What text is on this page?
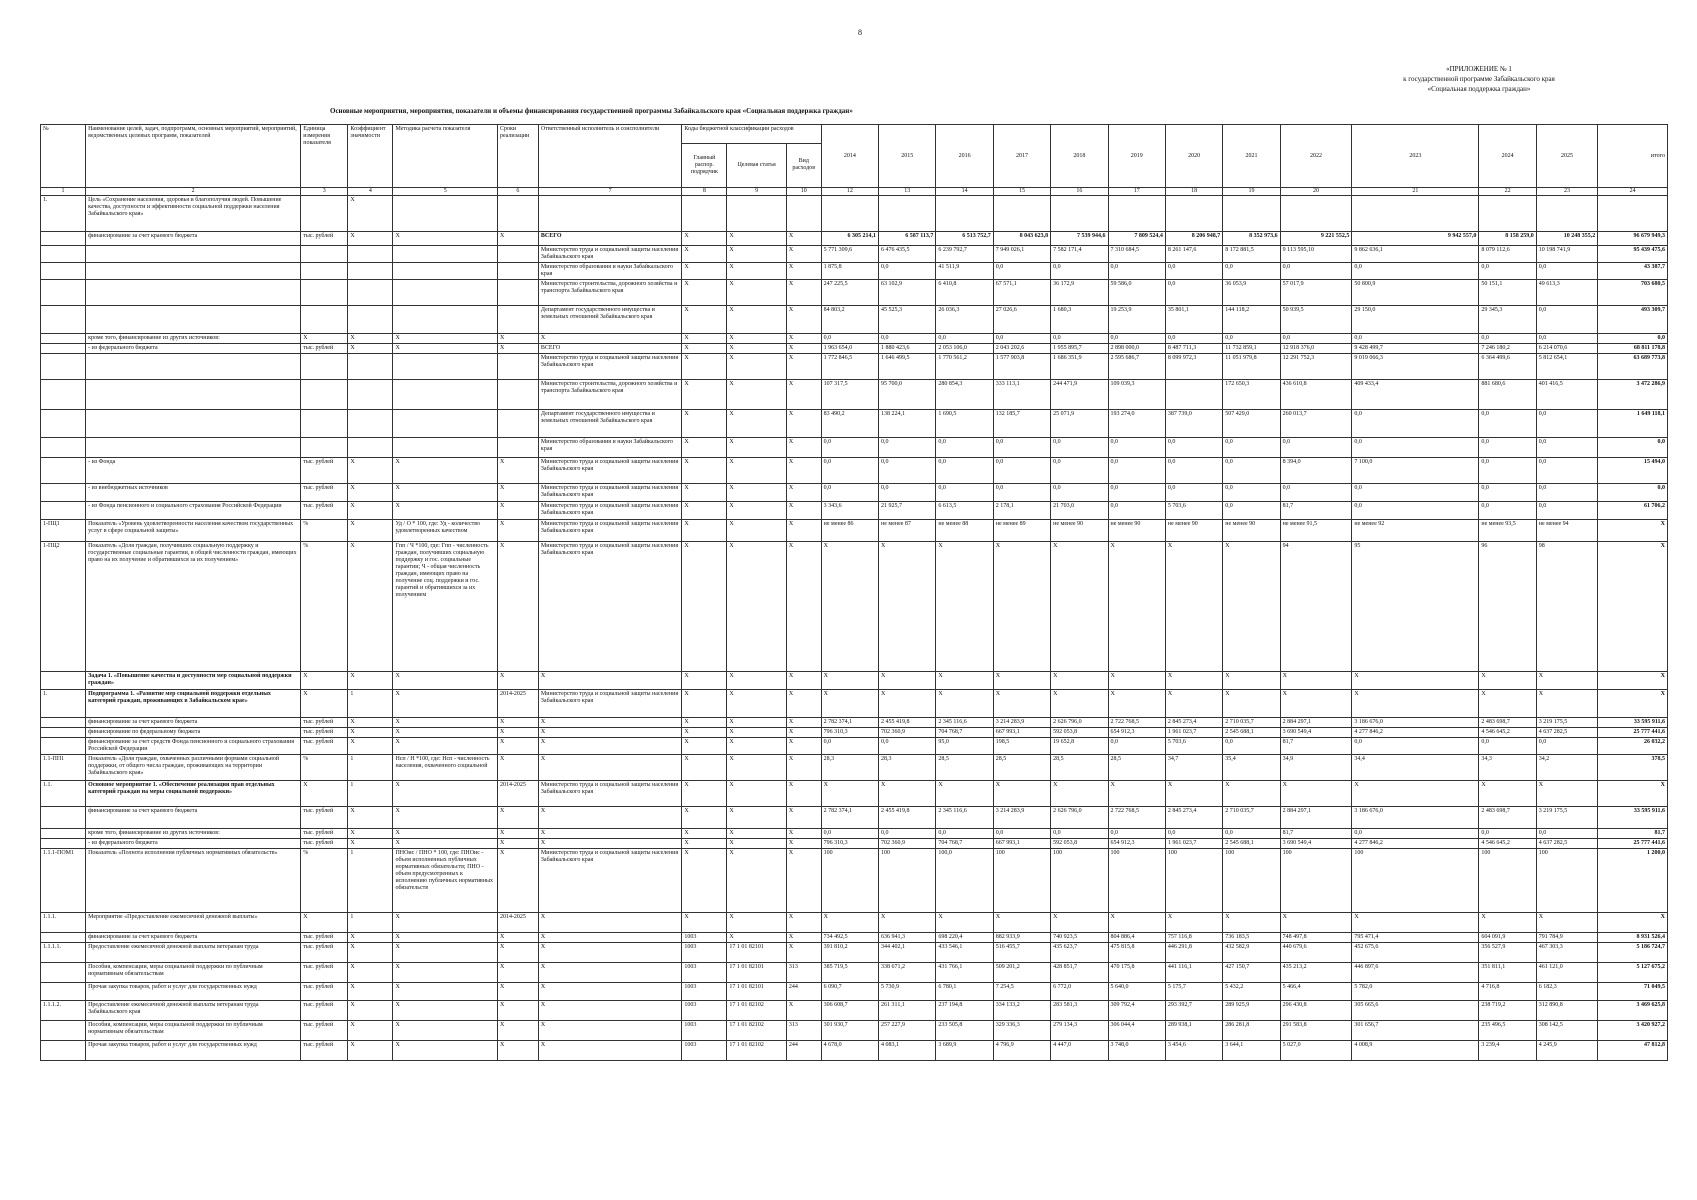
8
«ПРИЛОЖЕНИЕ № 1
к государственной программе Забайкальского края
«Социальная поддержка граждан»
Основные мероприятия, мероприятия, показатели и объемы финансирования государственной программы Забайкальского края «Социальная поддержка граждан»
№	Наименование целей, задач, подпрограмм, основных мероприятий, мероприятий, ведомственных целевых программ, показателей	Единица измерения показателя	Коэффициент значимости	Методика расчета показателя	Сроки реализации	Ответственный исполнитель и соисполнители	Коды бюджетной классификации расходов			2014	2015	2016	2017	2018	2019	2020	2021	2022	2023	2024	2025	итого
							Главный распор. подрядчик	Целевая статья	Вид расходов													
1	2	3	4	5	6	7	8	9	10	12	13	14	15	16	17	18	19	20	21	22	23	24
1.	Цель «Сохранение населения, здоровья и благополучия людей. Повышение качества, доступности и эффективности социальной поддержки населения Забайкальского края»		X																			
	финансирование за счет краевого бюджета	тыс. рублей	X	X	X	ВСЕГО	X	X	X	6 305 214,1	6 587 113,7	6 513 752,7	8 043 623,8	7 539 944,6	7 809 524,4	8 206 948,7	8 352 973,6	9 221 552,5	9 942 557,0	8 158 259,0	10 248 355,2	96 679 949,3
						Министерство труда и социальной защиты населения Забайкальского края	X	X	X	5 771 309,6	6 476 435,5	6 239 792,7	7 949 026,1	7 582 171,4	7 310 684,5	8 261 147,6	8 172 881,5	9 113 595,10	9 862 636,1	8 079 112,6	10 198 741,9	95 439 475,6
						Министерство образования и науки Забайкальского края	X	X	X	1 875,8	0,0	41 511,9	0,0	0,0	0,0	0,0	0,0	0,0	0,0	0,0	0,0	43 387,7
						Министерство строительства, дорожного хозяйства и транспорта Забайкальского края	X	X	X	247 225,5	63 102,9	6 410,8	67 571,1	36 172,9	59 586,0	0,0	36 053,9	57 017,9	50 800,9	50 151,1	49 613,3	703 680,5
						Департамент государственного имущества и земельных отношений Забайкальского края	X	X	X	84 803,2	45 525,3	26 036,3	27 026,6	1 680,3	19 253,9	35 801,1	144 118,2	50 939,5	29 150,0	29 345,3	0,0	493 309,7
	кроме того, финансирование из других источников:	X	X	X	X	X	X	X	X	0,0	0,0	0,0	0,0	0,0	0,0	0,0	0,0	0,0	0,0	0,0	0,0	0,0
	- из федерального бюджета	тыс. рублей	X	X	X	ВСЕГО	X	X	X	1 963 654,0	1 880 423,6	2 053 106,0	2 043 202,6	1 955 895,7	2 898 000,0	8 487 711,3	11 732 859,1	12 918 376,0	9 428 499,7	7 246 180,2	6 214 070,6	68 811 178,8
						Министерство труда и социальной защиты населения Забайкальского края	X	X	X	1 772 846,5	1 646 499,5	1 770 561,2	1 577 903,8	1 686 351,9	2 595 686,7	8 099 972,3	11 051 979,8	12 291 752,3	9 019 066,3	6 364 499,6	5 812 654,1	63 689 773,8
						Министерство строительства, дорожного хозяйства и транспорта Забайкальского края	X	X	X	107 317,5	95 700,0	280 854,3	333 113,1	244 471,9	109 039,3		172 650,3	436 610,8	409 433,4	881 680,6	401 416,5	3 472 286,9
						Департамент государственного имущества и земельных отношений Забайкальского края	X	X	X	83 490,2	138 224,1	1 690,5	132 185,7	25 071,9	193 274,0	387 739,0	507 429,0	260 013,7	0,0	0,0	0,0	1 649 118,1
						Министерство образования и науки Забайкальского края	X	X	X	0,0	0,0	0,0	0,0	0,0	0,0	0,0	0,0	0,0	0,0	0,0	0,0	0,0
	- из Фонда	тыс. рублей	X	X	X	Министерство труда и социальной защиты населения Забайкальского края	X	X	X	0,0	0,0	0,0	0,0	0,0	0,0	0,0	0,0	8 394,0	7 100,0	0,0	0,0	15 494,0
	- из внебюджетных источников	тыс. рублей	X	X	X	Министерство труда и социальной защиты населения Забайкальского края	X	X	X	0,0	0,0	0,0	0,0	0,0	0,0	0,0	0,0	0,0	0,0	0,0	0,0	0,0
	- из Фонда пенсионного и социального страхования Российской Федерации	тыс. рублей	X	X	X	Министерство труда и социальной защиты населения Забайкальского края	X	X	X	3 343,6	21 925,7	6 613,5	2 178,1	21 703,0	0,0	5 703,6	0,0	81,7	0,0	0,0	0,0	61 706,2
1-ПЦ1	Показатель «Уровень удовлетворенности населения качеством государственных услуг в сфере социальной защиты»	%	X	Уд / О * 100, где: Уд - количество удовлетворенных качеством	X	Министерство труда и социальной защиты населения Забайкальского края	X	X	X	не менее 86	не менее 87	не менее 88	не менее 89	не менее 90	не менее 90	не менее 90	не менее 90	не менее 91,5	не менее 92	не менее 93,5	не менее 94	X
1-ПЦ2	Показатель «Доля граждан, получивших социальную поддержку и государственные социальные гарантии, в общей численности граждан, имеющих право на их получение и обратившихся за их получением»	%	X	Гпп / Ч *100, где: Гпп - численность граждан, получивших социальную поддержку и гос. социальные гарантии; Ч - общая численность граждан, имеющих право на получение соц. поддержки и гос. гарантий и обратившихся за их получением	X	Министерство труда и социальной защиты населения Забайкальского края	X	X	X	X	X	X	X	X	X	X	X	94	95	96	98	X
	Задача 1. «Повышение качества и доступности мер социальной поддержки граждан»	X	X	X	X	X	X	X	X	X	X	X	X	X	X	X	X	X	X	X	X	X
1.	Подпрограмма 1. «Развитие мер социальной поддержки отдельных категорий граждан, проживающих в Забайкальском крае»	X	1	X	2014-2025	Министерство труда и социальной защиты населения Забайкальского края	X	X	X	X	X	X	X	X	X	X	X	X	X	X	X	X
	финансирование за счет краевого бюджета	тыс. рублей	X	X	X	X	X	X	X	2 782 374,1	2 455 419,8	2 345 116,6	3 214 283,9	2 626 796,0	2 722 768,5	2 845 273,4	2 710 035,7	2 884 297,1	3 186 676,0	2 483 698,7	3 219 175,5	33 595 911,6
	финансирование по федеральному бюджета	тыс. рублей	X	X	X	X	X	X	X	796 310,3	702 360,9	704 768,7	667 993,1	592 053,8	654 912,3	1 961 023,7	2 545 688,1	3 690 549,4	4 277 846,2	4 546 645,2	4 637 282,5	25 777 441,6
	финансирование за счет средств Фонда пенсионного и социального страхования Российской Федерации	тыс. рублей	X	X	X	X	X	X	X	0,0	0,0	95,0	198,5	19 652,8	0,0	5 703,6	0,0	81,7	0,0	0,0	0,0	26 032,2
1.1-ПП1	Показатель «Доля граждан, охваченных различными формами социальной поддержки, от общего числа граждан, проживающих на территории Забайкальского края»	%	1	Нсп / Н *100, где: Нсп - численность населения, охваченного социальной	X	X	X	X	X	28,3	28,3	28,5	28,5	28,5	28,5	34,7	35,4	34,9	34,4	34,3	34,2	378,5
1.1.	Основное мероприятие 1. «Обеспечение реализации прав отдельных категорий граждан на меры социальной поддержки»	X	1	X	2014-2025	Министерство труда и социальной защиты населения Забайкальского края	X	X	X	X	X	X	X	X	X	X	X	X	X	X	X	X
	финансирование за счет краевого бюджета	тыс. рублей	X	X	X	X	X	X	X	2 782 374,1	2 455 419,8	2 345 116,6	3 214 283,9	2 626 796,0	2 722 768,5	2 845 273,4	2 710 035,7	2 884 297,1	3 186 676,0	2 483 698,7	3 219 175,5	33 595 911,6
	кроме того, финансирование из других источников:	тыс. рублей	X	X	X	X	X	X	X	0,0	0,0	0,0	0,0	0,0	0,0	0,0	0,0	81,7	0,0	0,0	0,0	81,7
	- из федерального бюджета	тыс. рублей	X	X	X	X	X	X	X	796 310,3	702 360,9	704 768,7	667 993,1	592 053,8	654 912,3	1 961 023,7	2 545 688,1	3 690 549,4	4 277 846,2	4 546 645,2	4 637 282,5	25 777 441,6
1.1.1-ПОМ1	Показатель «Полнота исполнения публичных нормативных обязательств»	%	1	ПНОис / ПНО * 100, где: ПНОис - объем исполненных публичных нормативных обязательств; ПНО - объем предусмотренных к исполнению публичных нормативных обязательств	X	Министерство труда и социальной защиты населения Забайкальского края	X	X	X	100	100	100,0	100	100	100	100	100	100	100	100	100	1 200,0
1.1.1.	Мероприятие «Предоставление ежемесячной денежной выплаты»	X	1	X	2014-2025	X	X	X	X	X	X	X	X	X	X	X	X	X	X	X	X	X
	финансирование за счет краевого бюджета	тыс. рублей	X	X	X	X	1003	X	X	734 492,5	636 941,3	698 220,4	882 933,9	740 923,5	804 886,4	757 116,8	736 183,5	748 497,8	795 471,4	604 091,9	791 784,9	8 931 526,4
1.1.1.1.	Предоставление ежемесячной денежной выплаты ветеранам труда	тыс. рублей	X	X	X	X	1003	17 1 01 82101	X	391 810,2	344 402,1	433 546,1	516 455,7	435 623,7	475 815,8	446 291,8	432 582,9	440 679,6	452 675,6	356 527,9	467 303,3	5 186 724,7
	Пособия, компенсации, меры социальной поддержки по публичным нормативным обязательствам	тыс. рублей	X	X	X	X	1003	17 1 01 82101	313	385 719,5	338 671,2	431 766,1	509 201,2	428 851,7	470 175,8	441 116,1	427 150,7	435 213,2	446 897,6	351 811,1	461 121,0	5 127 675,2
	Прочая закупка товаров, работ и услуг для государственных нужд	тыс. рублей	X	X	X	X	1003	17 1 01 82101	244	6 090,7	5 730,9	6 780,1	7 254,5	6 772,0	5 640,0	5 175,7	5 432,2	5 466,4	5 782,0	4 716,8	6 182,3	71 049,5
1.1.1.2.	Предоставление ежемесячной денежной выплаты ветеранам труда Забайкальского края	тыс. рублей	X	X	X	X	1003	17 1 01 82102	X	306 608,7	261 311,1	237 194,8	334 133,2	283 581,3	309 792,4	293 392,7	289 925,9	296 430,8	305 665,6	238 719,2	312 890,8	3 469 625,8
	Пособия, компенсации, меры социальной поддержки по публичным нормативным обязательствам	тыс. рублей	X	X	X	X	1003	17 1 01 82102	313	301 930,7	257 227,9	233 505,8	329 336,3	279 134,3	306 044,4	289 938,1	286 281,8	291 583,8	301 656,7	235 496,5	308 142,5	3 420 927,2
	Прочая закупка товаров, работ и услуг для государственных нужд	тыс. рублей	X	X	X	X	1003	17 1 01 82102	244	4 678,0	4 083,1	3 689,9	4 796,9	4 447,0	3 748,0	3 454,6	3 644,1	5 027,0	4 008,9	3 239,4	4 245,9	47 812,8
